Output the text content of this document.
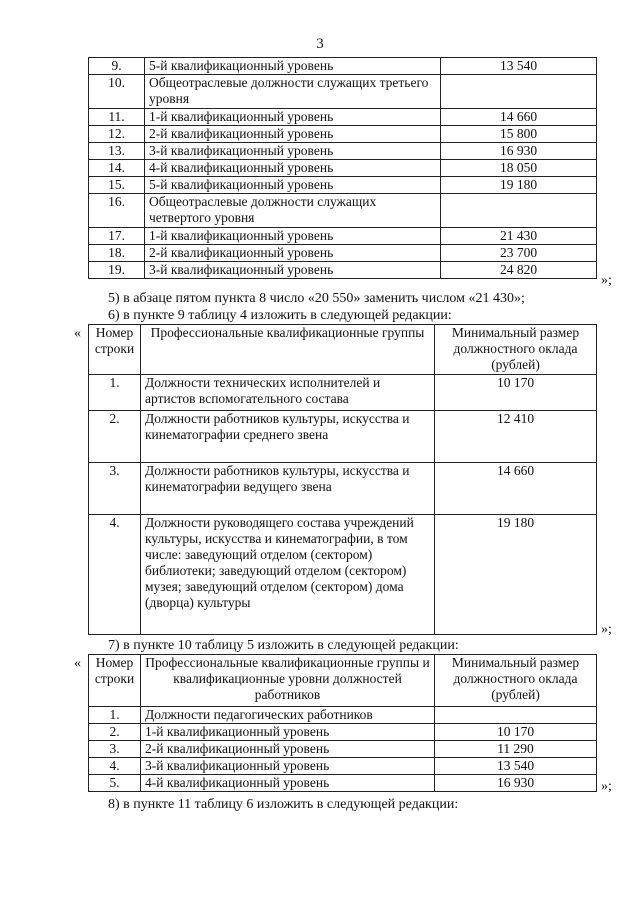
3
9.	5-й квалификационный уровень	13 540
10.	Общеотраслевые должности служащих третьего уровня	
11.	1-й квалификационный уровень	14 660
12.	2-й квалификационный уровень	15 800
13.	3-й квалификационный уровень	16 930
14.	4-й квалификационный уровень	18 050
15.	5-й квалификационный уровень	19 180
16.	Общеотраслевые должности служащих четвертого уровня	
17.	1-й квалификационный уровень	21 430
18.	2-й квалификационный уровень	23 700
19.	3-й квалификационный уровень	24 820
»;
5) в абзаце пятом пункта 8 число «20 550» заменить числом «21 430»;
6) в пункте 9 таблицу 4 изложить в следующей редакции:
« Номер строки	Профессиональные квалификационные группы	Минимальный размер должностного оклада (рублей)
1.	Должности технических исполнителей и артистов вспомогательного состава	10 170
2.	Должности работников культуры, искусства и кинематографии среднего звена	12 410
3.	Должности работников культуры, искусства и кинематографии ведущего звена	14 660
4.	Должности руководящего состава учреждений культуры, искусства и кинематографии, в том числе: заведующий отделом (сектором) библиотеки; заведующий отделом (сектором) музея; заведующий отделом (сектором) дома (дворца) культуры	19 180
»;
7) в пункте 10 таблицу 5 изложить в следующей редакции:
« Номер строки	Профессиональные квалификационные группы и квалификационные уровни должностей работников	Минимальный размер должностного оклада (рублей)
1.	Должности педагогических работников	
2.	1-й квалификационный уровень	10 170
3.	2-й квалификационный уровень	11 290
4.	3-й квалификационный уровень	13 540
5.	4-й квалификационный уровень	16 930	»;
8) в пункте 11 таблицу 6 изложить в следующей редакции:
